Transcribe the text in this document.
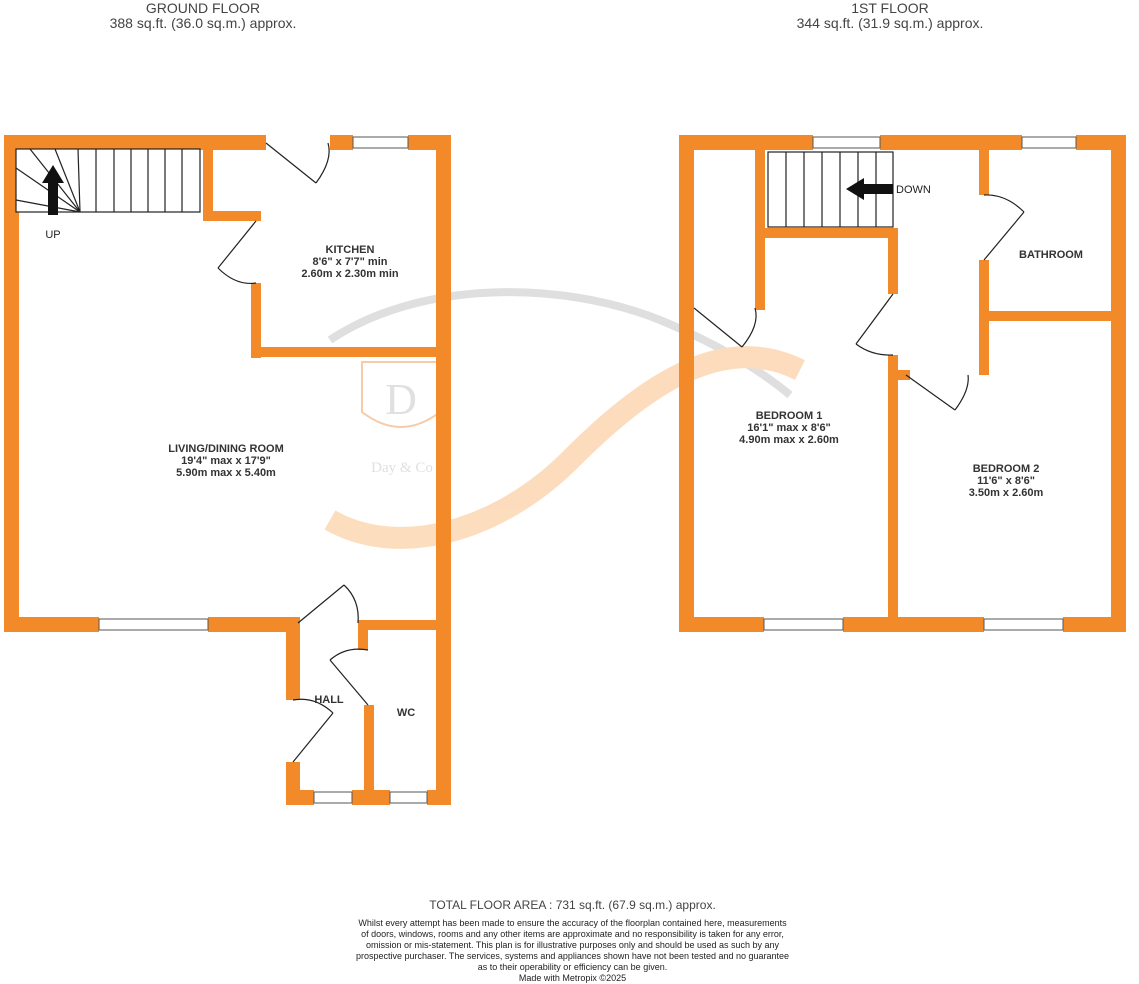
GROUND FLOOR
388 sq.ft. (36.0 sq.m.) approx.
1ST FLOOR
344 sq.ft. (31.9 sq.m.) approx.
D
Day & Co
UP
KITCHEN
8'6" x 7'7" min
2.60m x 2.30m min
LIVING/DINING ROOM
19'4" max x 17'9"
5.90m max x 5.40m
HALL
WC
DOWN
BATHROOM
BEDROOM 1
16'1" max x 8'6"
4.90m max x 2.60m
BEDROOM 2
11'6" x 8'6"
3.50m x 2.60m
TOTAL FLOOR AREA : 731 sq.ft. (67.9 sq.m.) approx.
Whilst every attempt has been made to ensure the accuracy of the floorplan contained here, measurements
of doors, windows, rooms and any other items are approximate and no responsibility is taken for any error,
omission or mis-statement. This plan is for illustrative purposes only and should be used as such by any
prospective purchaser. The services, systems and appliances shown have not been tested and no guarantee
as to their operability or efficiency can be given.
Made with Metropix ©2025
